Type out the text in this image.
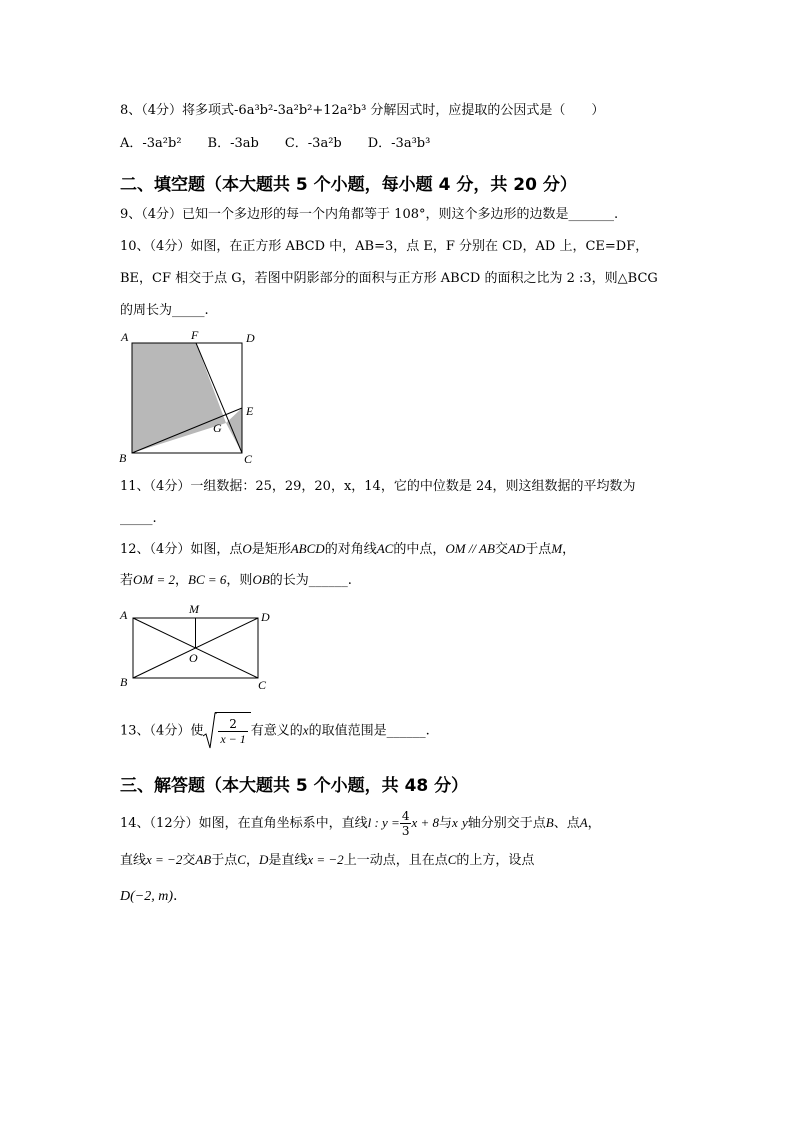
8、（4分）将多项式-6a³b²-3a²b²+12a²b³ 分解因式时，应提取的公因式是（　　）
A．-3a²b²　　B．-3ab　　C．-3a²b　　D．-3a³b³
二、填空题（本大题共 5 个小题，每小题 4 分，共 20 分）
9、（4分）已知一个多边形的每一个内角都等于 108°，则这个多边形的边数是_______.
10、（4分）如图，在正方形 ABCD 中，AB=3，点 E，F 分别在 CD，AD 上，CE=DF，
BE，CF 相交于点 G，若图中阴影部分的面积与正方形 ABCD 的面积之比为 2 :3，则△BCG
的周长为_____.
A	F	D
E
G
B	C
11、（4分）一组数据：25，29，20，x，14，它的中位数是 24，则这组数据的平均数为
_____.
12、（4分）如图，点O是矩形ABCD的对角线AC的中点，OM // AB交AD于点M，
若OM = 2，BC = 6，则OB的长为______.
A	M
D
O
B	C
13、（4分）使 $\frac{2}{x - 1}$ 有意义的x的取值范围是______.
三、解答题（本大题共 5 个小题，共 48 分）
14、（12分）如图，在直角坐标系中，直线l : $y = \frac{4}{3}$ x + 8与x y轴分别交于点B、点A，
直线x = −2交AB于点C，D是直线x = −2上一动点，且在点C的上方，设点
D(−2, m).
